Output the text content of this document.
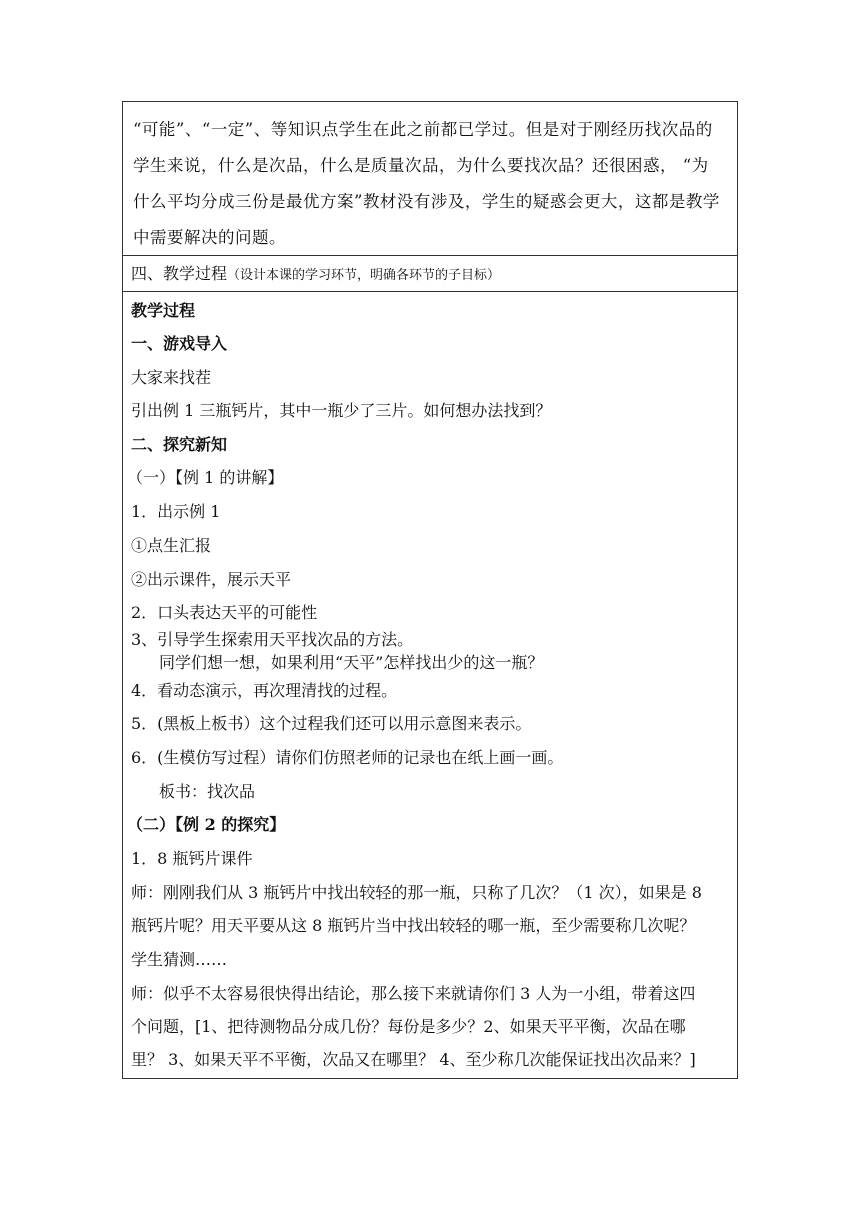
“可能”、“一定”、等知识点学生在此之前都已学过。但是对于刚经历找次品的

学生来说，什么是次品，什么是质量次品，为什么要找次品？还很困惑， “为

什么平均分成三份是最优方案”教材没有涉及，学生的疑惑会更大，这都是教学

中需要解决的问题。

四、教学过程（设计本课的学习环节，明确各环节的子目标）
教学过程
一、游戏导入
大家来找茬
引出例 1 三瓶钙片，其中一瓶少了三片。如何想办法找到？
二、探究新知
（一）【例 1 的讲解】
1．出示例 1
①点生汇报
②出示课件，展示天平
2．口头表达天平的可能性
3、引导学生探索用天平找次品的方法。
同学们想一想，如果利用“天平”怎样找出少的这一瓶？
4．看动态演示，再次理清找的过程。
5．(黑板上板书）这个过程我们还可以用示意图来表示。
6．(生模仿写过程）请你们仿照老师的记录也在纸上画一画。
板书：找次品
（二）【例 2 的探究】
1．8 瓶钙片课件
师：刚刚我们从 3 瓶钙片中找出较轻的那一瓶，只称了几次？（1 次），如果是 8
瓶钙片呢？用天平要从这 8 瓶钙片当中找出较轻的哪一瓶，至少需要称几次呢？
学生猜测……
师：似乎不太容易很快得出结论，那么接下来就请你们 3 人为一小组，带着这四
个问题，[1、把待测物品分成几份？每份是多少？2、如果天平平衡，次品在哪
里？ 3、如果天平不平衡，次品又在哪里？ 4、至少称几次能保证找出次品来？]
